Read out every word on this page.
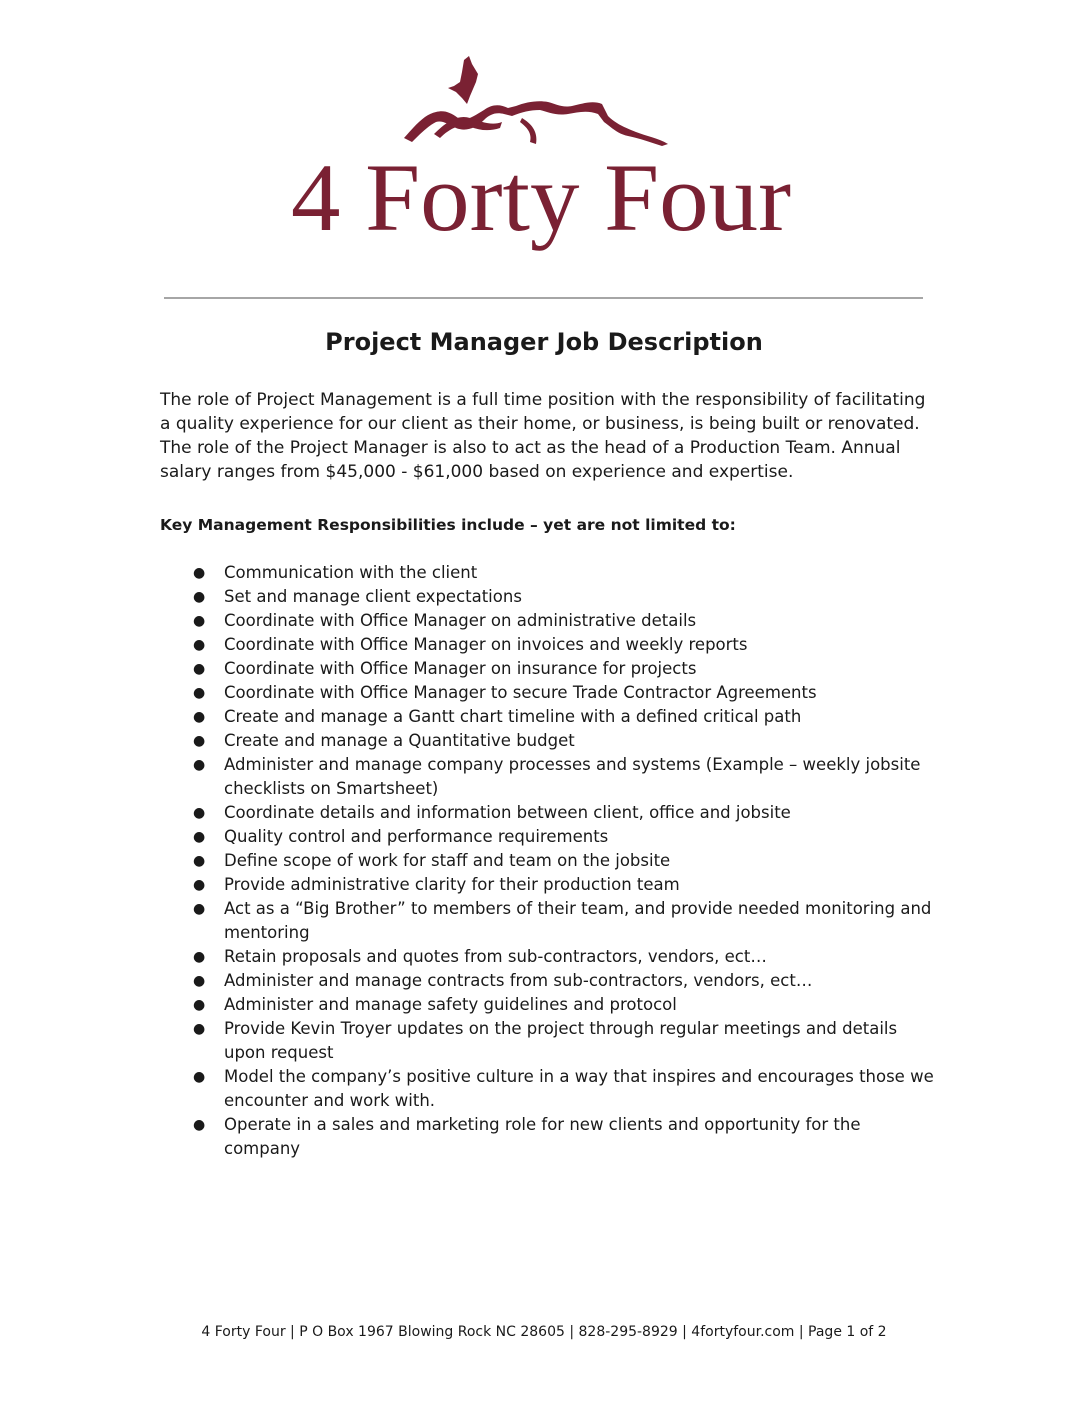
4 Forty Four
Project Manager Job Description

The role of Project Management is a full time position with the responsibility of facilitating a quality experience for our client as their home, or business, is being built or renovated. The role of the Project Manager is also to act as the head of a Production Team. Annual salary ranges from $45,000 - $61,000 based on experience and expertise.

Key Management Responsibilities include – yet are not limited to:

●	Communication with the client
●	Set and manage client expectations
●	Coordinate with Office Manager on administrative details
●	Coordinate with Office Manager on invoices and weekly reports
●	Coordinate with Office Manager on insurance for projects
●	Coordinate with Office Manager to secure Trade Contractor Agreements
●	Create and manage a Gantt chart timeline with a defined critical path
●	Create and manage a Quantitative budget
●	Administer and manage company processes and systems (Example – weekly jobsite checklists on Smartsheet)
●	Coordinate details and information between client, office and jobsite
●	Quality control and performance requirements
●	Define scope of work for staff and team on the jobsite
●	Provide administrative clarity for their production team
●	Act as a “Big Brother” to members of their team, and provide needed monitoring and mentoring
●	Retain proposals and quotes from sub-contractors, vendors, ect…
●	Administer and manage contracts from sub-contractors, vendors, ect…
●	Administer and manage safety guidelines and protocol
●	Provide Kevin Troyer updates on the project through regular meetings and details upon request
●	Model the company’s positive culture in a way that inspires and encourages those we encounter and work with.
●	Operate in a sales and marketing role for new clients and opportunity for the company
4 Forty Four | P O Box 1967 Blowing Rock NC 28605 | 828-295-8929 | 4fortyfour.com | Page 1 of 2
